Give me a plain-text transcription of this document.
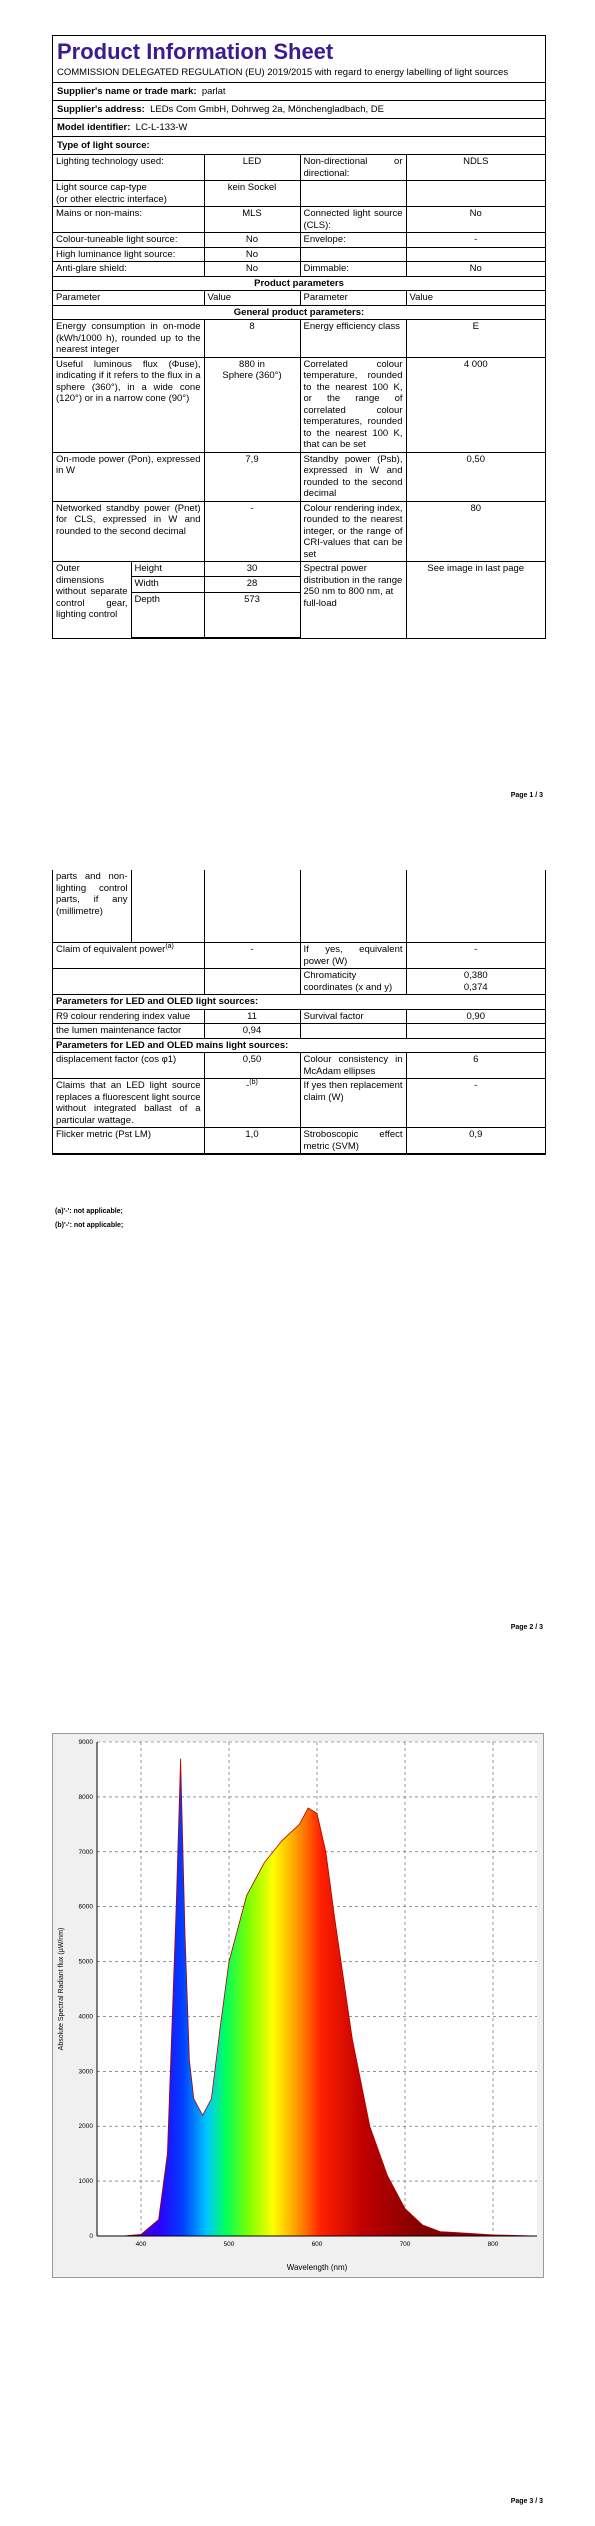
Product Information Sheet
COMMISSION DELEGATED REGULATION (EU) 2019/2015 with regard to energy labelling of light sources
Supplier's name or trade mark: parlat
Supplier's address: LEDs Com GmbH, Dohrweg 2a, Mönchengladbach, DE
Model identifier: LC-L-133-W
Type of light source:
Lighting technology used:	LED	Non-directional or directional:	NDLS
Light source cap-type
(or other electric interface)	kein Sockel		
Mains or non-mains:	MLS	Connected light source (CLS):	No
Colour-tuneable light source:	No	Envelope:	-
High luminance light source:	No		
Anti-glare shield:	No	Dimmable:	No
Product parameters			
Parameter	Value	Parameter	Value
General product parameters:			
Energy consumption in on-mode (kWh/1000 h), rounded up to the nearest integer	8	Energy efficiency class	E
Useful luminous flux (Φuse), indicating if it refers to the flux in a sphere (360°), in a wide cone (120°) or in a narrow cone (90°)	880 in
Sphere (360°)	Correlated colour temperature, rounded to the nearest 100 K, or the range of correlated colour temperatures, rounded to the nearest 100 K, that can be set	4 000
On-mode power (Pon), expressed in W	7,9	Standby power (Psb), expressed in W and rounded to the second decimal	0,50
Networked standby power (Pnet) for CLS, expressed in W and rounded to the second decimal	-	Colour rendering index, rounded to the nearest integer, or the range of CRI-values that can be set	80
Outer dimensions without separate control gear, lighting control	Height	30	Spectral power distribution in the range 250 nm to 800 nm, at full-load	See image in last page
	Width	28		
	Depth	573		
Page 1 / 3
parts and non-lighting control parts, if any (millimetre)				
Claim of equivalent power$^{(a)}$	-	If yes, equivalent power (W)	-
		Chromaticity coordinates (x and y)	0,380
0,374
Parameters for LED and OLED light sources:			
R9 colour rendering index value	11	Survival factor	0,90
the lumen maintenance factor	0,94		
Parameters for LED and OLED mains light sources:			
displacement factor (cos φ1)	0,50	Colour consistency in McAdam ellipses	6
Claims that an LED light source replaces a fluorescent light source without integrated ballast of a particular wattage.	-$^{(b)}$	If yes then replacement claim (W)	-
Flicker metric (Pst LM)	1,0	Stroboscopic effect metric (SVM)	0,9
(a)'-': not applicable;
(b)'-': not applicable;
Page 2 / 3
400	500	600	700	800
0
1000
2000
3000
4000
5000
6000
7000
8000
9000
Wavelength (nm)
Absolute Spectral Radiant flux (µW/nm)
Page 3 / 3
